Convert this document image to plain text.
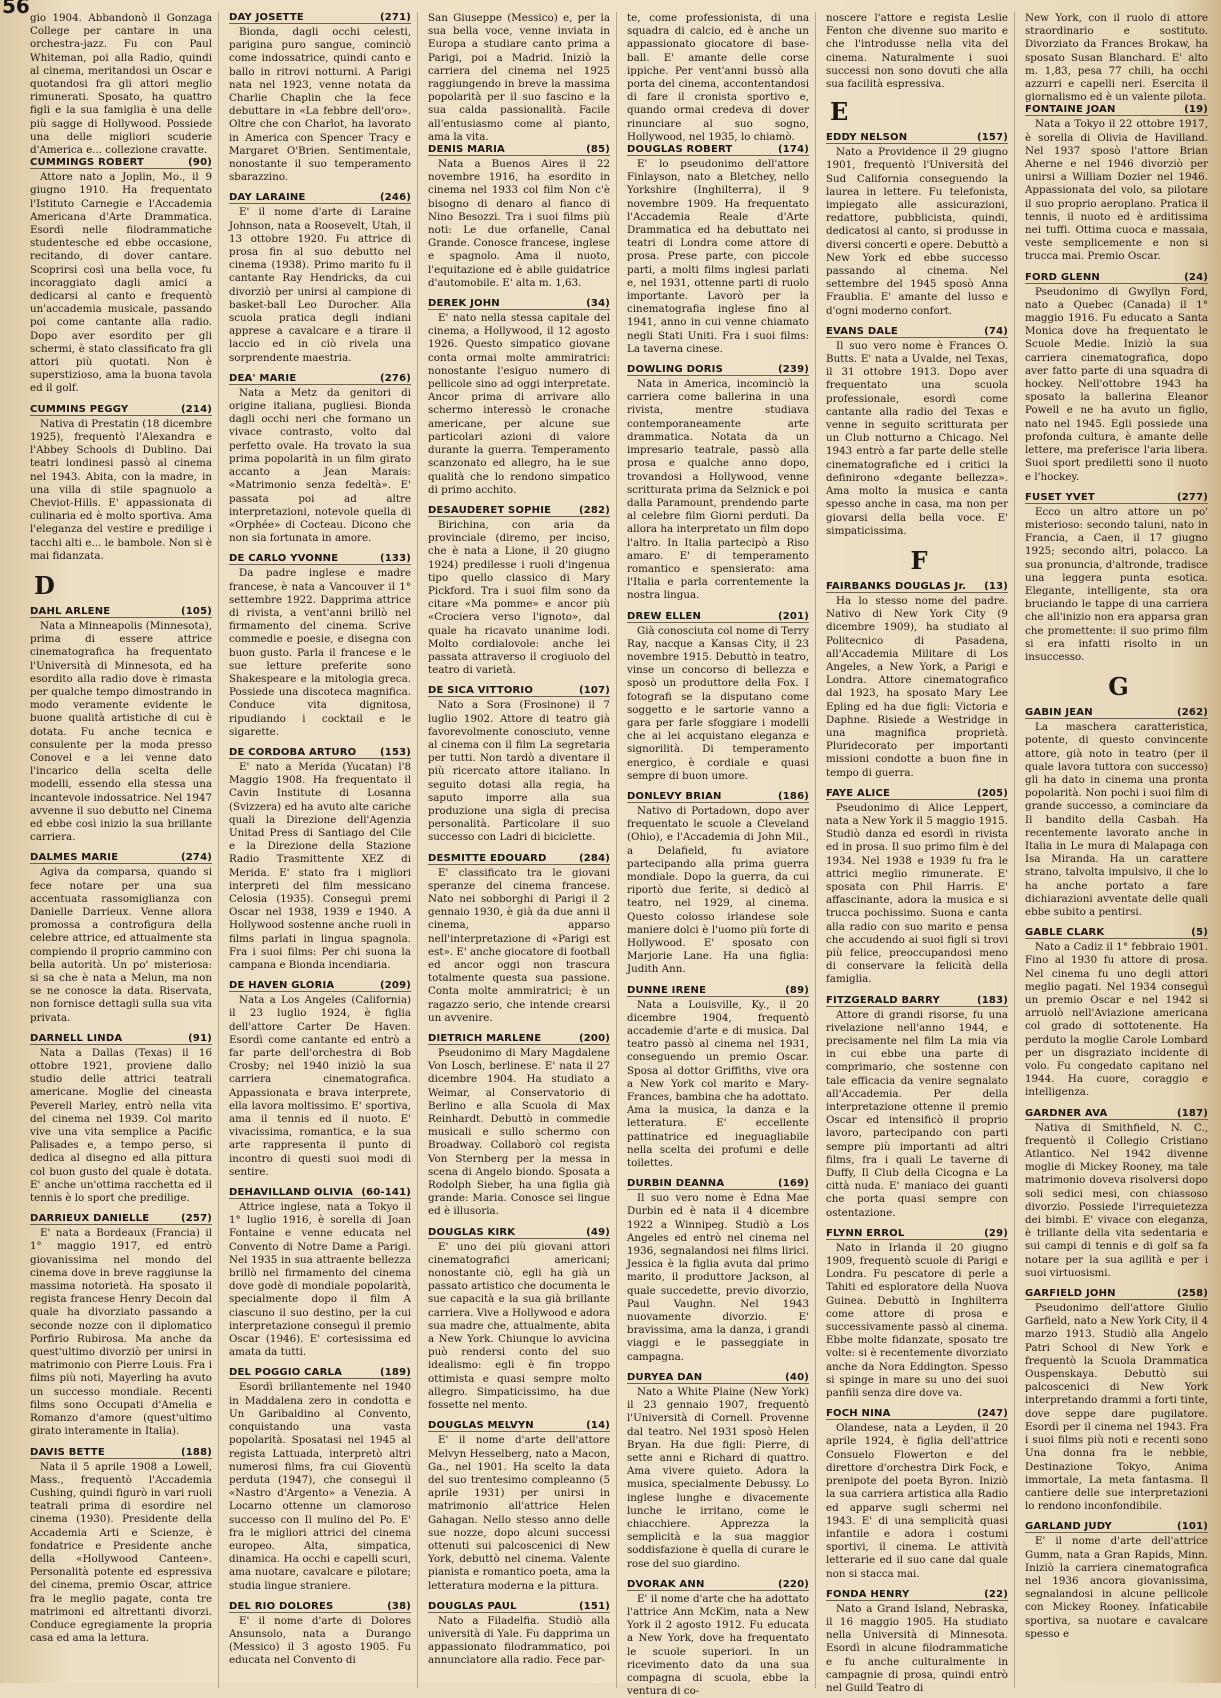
56 gio 1904. Abbandonò il Gonzaga College per cantare in una orchestra-jazz. Fu con Paul Whiteman, poi alla Radio, quindi al cinema, meritandosi un Oscar e quotandosi fra gli attori meglio rimunerati. Sposato, ha quattro figli e la sua famiglia è una delle più sagge di Hollywood. Possiede una delle migliori scuderie d'America e... collezione cravatte.

CUMMINGS ROBERT	(90)

Attore nato a Joplin, Mo., il 9 giugno 1910. Ha frequentato l'Istituto Carnegie e l'Accademia Americana d'Arte Drammatica. Esordì nelle filodrammatiche studentesche ed ebbe occasione, recitando, di dover cantare. Scoprirsi così una bella voce, fu incoraggiato dagli amici a dedicarsi al canto e frequentò un'accademia musicale, passando poi come cantante alla radio. Dopo aver esordito per gli schermi, è stato classificato fra gli attori più quotati. Non è superstizioso, ama la buona tavola ed il golf.

CUMMINS PEGGY	(214)

Nativa di Prestatin (18 dicembre 1925), frequentò l'Alexandra e l'Abbey Schools di Dublino. Dai teatri londinesi passò al cinema nel 1943. Abita, con la madre, in una villa di stile spagnuolo a Cheviot-Hills. E' appassionata di culinaria ed è molto sportiva. Ama l'eleganza del vestire e predilige i tacchi alti e... le bambole. Non si è mai fidanzata.

D
DAHL ARLENE	(105)

Nata a Minneapolis (Minnesota), prima di essere attrice cinematografica ha frequentato l'Università di Minnesota, ed ha esordito alla radio dove è rimasta per qualche tempo dimostrando in modo veramente evidente le buone qualità artistiche di cui è dotata. Fu anche tecnica e consulente per la moda presso Conovel e a lei venne dato l'incarico della scelta delle modelli, essendo ella stessa una incantevole indossatrice. Nel 1947 avvenne il suo debutto nel Cinema ed ebbe così inizio la sua brillante carriera.

DALMES MARIE	(274)

Agiva da comparsa, quando si fece notare per una sua accentuata rassomiglianza con Danielle Darrieux. Venne allora promossa a controfigura della celebre attrice, ed attualmente sta compiendo il proprio cammino con bella autorità. Un po' misteriosa: si sa che è nata a Melun, ma non se ne conosce la data. Riservata, non fornisce dettagli sulla sua vita privata.

DARNELL LINDA	(91)

Nata a Dallas (Texas) il 16 ottobre 1921, proviene dallo studio delle attrici teatrali americane. Moglie del cineasta Peverell Marley, entrò nella vita del cinema nel 1939. Col marito vive una vita semplice a Pacific Palisades e, a tempo perso, si dedica al disegno ed alla pittura col buon gusto del quale è dotata. E' anche un'ottima racchetta ed il tennis è lo sport che predilige.

DARRIEUX DANIELLE	(257)

E' nata a Bordeaux (Francia) il 1° maggio 1917, ed entrò giovanissima nel mondo del cinema dove in breve raggiunse la massima notorietà. Ha sposato il regista francese Henry Decoin dal quale ha divorziato passando a seconde nozze con il diplomatico Porfirio Rubirosa. Ma anche da quest'ultimo divorziò per unirsi in matrimonio con Pierre Louis. Fra i films più noti, Mayerling ha avuto un successo mondiale. Recenti films sono Occupati d'Amelia e Romanzo d'amore (quest'ultimo girato interamente in Italia).

DAVIS BETTE	(188)

Nata il 5 aprile 1908 a Lowell, Mass., frequentò l'Accademia Cushing, quindi figurò in vari ruoli teatrali prima di esordire nel cinema (1930). Presidente della Accademia Arti e Scienze, è fondatrice e Presidente anche della «Hollywood Canteen». Personalità potente ed espressiva del cinema, premio Oscar, attrice fra le meglio pagate, conta tre matrimoni ed altrettanti divorzi. Conduce egregiamente la propria casa ed ama la lettura.

DAY JOSETTE	(271)

Bionda, dagli occhi celesti, parigina puro sangue, cominciò come indossatrice, quindi canto e ballo in ritrovi notturni. A Parigi nata nel 1923, venne notata da Charlie Chaplin che la fece debuttare in «La febbre dell'oro». Oltre che con Charlot, ha lavorato in America con Spencer Tracy e Margaret O'Brien. Sentimentale, nonostante il suo temperamento sbarazzino.

DAY LARAINE	(246)

E' il nome d'arte di Laraine Johnson, nata a Roosevelt, Utah, il 13 ottobre 1920. Fu attrice di prosa fin al suo debutto nel cinema (1938). Primo marito fu il cantante Ray Hendricks, da cui divorziò per unirsi al campione di basket-ball Leo Durocher. Alla scuola pratica degli indiani apprese a cavalcare e a tirare il laccio ed in ciò rivela una sorprendente maestria.

DEA' MARIE	(276)

Nata a Metz da genitori di origine italiana, pugliesi. Bionda dagli occhi neri che formano un vivace contrasto, volto dal perfetto ovale. Ha trovato la sua prima popolarità in un film girato accanto a Jean Marais: «Matrimonio senza fedeltà». E' passata poi ad altre interpretazioni, notevole quella di «Orphée» di Cocteau. Dicono che non sia fortunata in amore.

DE CARLO YVONNE	(133)

Da padre inglese e madre francese, è nata a Vancouver il 1° settembre 1922. Dapprima attrice di rivista, a vent'anni brillò nel firmamento del cinema. Scrive commedie e poesie, e disegna con buon gusto. Parla il francese e le sue letture preferite sono Shakespeare e la mitologia greca. Possiede una discoteca magnifica. Conduce vita dignitosa, ripudiando i cocktail e le sigarette.

DE CORDOBA ARTURO (153)

E' nato a Merida (Yucatan) l'8 Maggio 1908. Ha frequentato il Cavin Institute di Losanna (Svizzera) ed ha avuto alte cariche quali la Direzione dell'Agenzia Unitad Press di Santiago del Cile e la Direzione della Stazione Radio Trasmittente XEZ di Merida. E' stato fra i migliori interpreti del film messicano Celosia (1935). Conseguì premi Oscar nel 1938, 1939 e 1940. A Hollywood sostenne anche ruoli in films parlati in lingua spagnola. Fra i suoi films: Per chi suona la campana e Bionda incendiaria.

DE HAVEN GLORIA	(209)

Nata a Los Angeles (California) il 23 luglio 1924, è figlia dell'attore Carter De Haven. Esordì come cantante ed entrò a far parte dell'orchestra di Bob Crosby; nel 1940 iniziò la sua carriera cinematografica. Appassionata e brava interprete, ella lavora moltissimo. E' sportiva, ama il tennis ed il nuoto. E' vivacissima, romantica, e la sua arte rappresenta il punto di incontro di questi suoi modi di sentire.

DEHAVILLAND OLIVIA (60-141)

Attrice inglese, nata a Tokyo il 1° luglio 1916, è sorella di Joan Fontaine e venne educata nel Convento di Notre Dame a Parigi. Nel 1935 in sua attraente bellezza brillò nel firmamento del cinema dove godè di mondiale popolarità, specialmente dopo il film A ciascuno il suo destino, per la cui interpretazione conseguì il premio Oscar (1946). E' cortesissima ed amata da tutti.

DEL POGGIO CARLA	(189)

Esordì brillantemente nel 1940 in Maddalena zero in condotta e Un Garibaldino al Convento, conquistando una vasta popolarità. Sposatasi nel 1945 al regista Lattuada, interpretò altri numerosi films, fra cui Gioventù perduta (1947), che conseguì il «Nastro d'Argento» a Venezia. A Locarno ottenne un clamoroso successo con Il mulino del Po. E' fra le migliori attrici del cinema europeo. Alta, simpatica, dinamica. Ha occhi e capelli scuri, ama nuotare, cavalcare e pilotare; studia lingue straniere.

DEL RIO DOLORES	(38)

E' il nome d'arte di Dolores Ansunsolo, nata a Durango (Messico) il 3 agosto 1905. Fu educata nel Convento di

San Giuseppe (Messico) e, per la sua bella voce, venne inviata in Europa a studiare canto prima a Parigi, poi a Madrid. Iniziò la carriera del cinema nel 1925 raggiungendo in breve la massima popolarità per il suo fascino e la sua calda passionalità. Facile all'entusiasmo come al pianto, ama la vita.

DENIS MARIA	(85)

Nata a Buenos Aires il 22 novembre 1916, ha esordito in cinema nel 1933 col film Non c'è bisogno di denaro al fianco di Nino Besozzi. Tra i suoi films più noti: Le due orfanelle, Canal Grande. Conosce francese, inglese e spagnolo. Ama il nuoto, l'equitazione ed è abile guidatrice d'automobile. E' alta m. 1,63.

DEREK JOHN	(34)

E' nato nella stessa capitale del cinema, a Hollywood, il 12 agosto 1926. Questo simpatico giovane conta ormai molte ammiratrici: nonostante l'esiguo numero di pellicole sino ad oggi interpretate. Ancor prima di arrivare allo schermo interessò le cronache americane, per alcune sue particolari azioni di valore durante la guerra. Temperamento scanzonato ed allegro, ha le sue qualità che lo rendono simpatico di primo acchito.

DESAUDERET SOPHIE	(282)

Birichina, con aria da provinciale (diremo, per inciso, che è nata a Lione, il 20 giugno 1924) predilesse i ruoli d'ingenua tipo quello classico di Mary Pickford. Tra i suoi film sono da citare «Ma pomme» e ancor più «Crociera verso l'ignoto», dal quale ha ricavato unanime lodi. Molto cordialovole: anche lei passata attraverso il crogiuolo del teatro di varietà.

DE SICA VITTORIO	(107)

Nato a Sora (Frosinone) il 7 luglio 1902. Attore di teatro già favorevolmente conosciuto, venne al cinema con il film La segretaria per tutti. Non tardò a diventare il più ricercato attore italiano. In seguito dotasi alla regia, ha saputo imporre alla sua produzione una sigla di precisa personalità. Particolare il suo successo con Ladri di biciclette.

DESMITTE EDOUARD	(284)

E' classificato tra le giovani speranze del cinema francese. Nato nei sobborghi di Parigi il 2 gennaio 1930, è già da due anni il cinema, apparso nell'interpretazione di «Parigi est est». E' anche giocatore di football ed ancor oggi non trascura totalmente questa sua passione. Conta molte ammiratrici; è un ragazzo serio, che intende crearsi un avvenire.

DIETRICH MARLENE	(200)

Pseudonimo di Mary Magdalene Von Losch, berlinese. E' nata il 27 dicembre 1904. Ha studiato a Weimar, al Conservatorio di Berlino e alla Scuola di Max Reinhardt. Debuttò in commedie musicali e sullo schermo con Broadway. Collaborò col regista Von Sternberg per la messa in scena di Angelo biondo. Sposata a Rodolph Sieber, ha una figlia già grande: Maria. Conosce sei lingue ed è illusoria.

DOUGLAS KIRK	(49)

E' uno dei più giovani attori cinematografici americani; nonostante ciò, egli ha già un passato artistico che documenta le sue capacità e la sua già brillante carriera. Vive a Hollywood e adora sua madre che, attualmente, abita a New York. Chiunque lo avvicina può rendersi conto del suo idealismo: egli è fin troppo ottimista e quasi sempre molto allegro. Simpaticissimo, ha due fossette nel mento.

DOUGLAS MELVYN	(14)

E' il nome d'arte dell'attore Melvyn Hesselberg, nato a Macon, Ga., nel 1901. Ha scelto la data del suo trentesimo compleanno (5 aprile 1931) per unirsi in matrimonio all'attrice Helen Gahagan. Nello stesso anno delle sue nozze, dopo alcuni successi ottenuti sui palcoscenici di New York, debuttò nel cinema. Valente pianista e romantico poeta, ama la letteratura moderna e la pittura.

DOUGLAS PAUL	(151)

Nato a Filadelfia. Studiò alla università di Yale. Fu dapprima un appassionato filodrammatico, poi annunciatore alla radio. Fece par-

te, come professionista, di una squadra di calcio, ed è anche un appassionato giocatore di base-ball. E' amante delle corse ippiche. Per vent'anni bussò alla porta del cinema, accontentandosi di fare il cronista sportivo e, quando ormai credeva di dover rinunciare al suo sogno, Hollywood, nel 1935, lo chiamò.

DOUGLAS ROBERT	(174)

E' lo pseudonimo dell'attore Finlayson, nato a Bletchey, nello Yorkshire (Inghilterra), il 9 novembre 1909. Ha frequentato l'Accademia Reale d'Arte Drammatica ed ha debuttato nei teatri di Londra come attore di prosa. Prese parte, con piccole parti, a molti films inglesi parlati e, nel 1931, ottenne parti di ruolo importante. Lavorò per la cinematografia inglese fino al 1941, anno in cui venne chiamato negli Stati Uniti. Fra i suoi films: La taverna cinese.

DOWLING DORIS	(239)

Nata in America, incominciò la carriera come ballerina in una rivista, mentre studiava contemporaneamente arte drammatica. Notata da un impresario teatrale, passò alla prosa e qualche anno dopo, trovandosi a Hollywood, venne scritturata prima da Selznick e poi dalla Paramount, prendendo parte al celebre film Giorni perduti. Da allora ha interpretato un film dopo l'altro. In Italia partecipò a Riso amaro. E' di temperamento romantico e spensierato: ama l'Italia e parla correntemente la nostra lingua.

DREW ELLEN	(201)

Già conosciuta col nome di Terry Ray, nacque a Kansas City, il 23 novembre 1915. Debuttò in teatro, vinse un concorso di bellezza e sposò un produttore della Fox. I fotografi se la disputano come soggetto e le sartorie vanno a gara per farle sfoggiare i modelli che ai lei acquistano eleganza e signorilità. Di temperamento energico, è cordiale e quasi sempre di buon umore.

DONLEVY BRIAN	(186)

Nativo di Portadown, dopo aver frequentato le scuole a Cleveland (Ohio), e l'Accademia di John Mil., a Delafield, fu aviatore partecipando alla prima guerra mondiale. Dopo la guerra, da cui riportò due ferite, si dedicò al teatro, nel 1929, al cinema. Questo colosso irlandese sole maniere dolci è l'uomo più forte di Hollywood. E' sposato con Marjorie Lane. Ha una figlia: Judith Ann.

DUNNE IRENE	(89)

Nata a Louisville, Ky., il 20 dicembre 1904, frequentò accademie d'arte e di musica. Dal teatro passò al cinema nel 1931, conseguendo un premio Oscar. Sposa al dottor Griffiths, vive ora a New York col marito e Mary-Frances, bambina che ha adottato. Ama la musica, la danza e la letteratura. E' eccellente pattinatrice ed ineguagliabile nella scelta dei profumi e delle toilettes.

DURBIN DEANNA	(169)

Il suo vero nome è Edna Mae Durbin ed è nata il 4 dicembre 1922 a Winnipeg. Studiò a Los Angeles ed entrò nel cinema nel 1936, segnalandosi nei films lirici. Jessica è la figlia avuta dal primo marito, il produttore Jackson, al quale succedette, previo divorzio, Paul Vaughn. Nel 1943 nuovamente divorzio. E' bravissima, ama la danza, i grandi viaggi e le passeggiate in campagna.

DURYEA DAN	(40)

Nato a White Plaine (New York) il 23 gennaio 1907, frequentò l'Università di Cornell. Provenne dal teatro. Nel 1931 sposò Helen Bryan. Ha due figli: Pierre, di sette anni e Richard di quattro. Ama vivere quieto. Adora la musica, specialmente Debussy. Lo inglese lunghe e divacemente lunche le irritano, come le chiacchiere. Apprezza la semplicità e la sua maggior soddisfazione è quella di curare le rose del suo giardino.

DVORAK ANN	(220)

E' il nome d'arte che ha adottato l'attrice Ann McKim, nata a New York il 2 agosto 1912. Fu educata a New York, dove ha frequentato le scuole superiori. In un ricevimento dato da una sua compagna di scuola, ebbe la ventura di co-

noscere l'attore e regista Leslie Fenton che divenne suo marito e che l'introdusse nella vita del cinema. Naturalmente i suoi successi non sono dovuti che alla sua facilità espressiva.

E
EDDY NELSON	(157)

Nato a Providence il 29 giugno 1901, frequentò l'Università del Sud California conseguendo la laurea in lettere. Fu telefonista, impiegato alle assicurazioni, redattore, pubblicista, quindi, dedicatosi al canto, si produsse in diversi concerti e opere. Debuttò a New York ed ebbe successo passando al cinema. Nel settembre del 1945 sposò Anna Fraublia. E' amante del lusso e d'ogni moderno confort.

EVANS DALE	(74)

Il suo vero nome è Frances O. Butts. E' nata a Uvalde, nel Texas, il 31 ottobre 1913. Dopo aver frequentato una scuola professionale, esordì come cantante alla radio del Texas e venne in seguito scritturata per un Club notturno a Chicago. Nel 1943 entrò a far parte delle stelle cinematografiche ed i critici la definirono «degante bellezza». Ama molto la musica e canta spesso anche in casa, ma non per giovarsi della bella voce. E' simpaticissima.

F
FAIRBANKS DOUGLAS Jr. (13)

Ha lo stesso nome del padre. Nativo di New York City (9 dicembre 1909), ha studiato al Politecnico di Pasadena, all'Accademia Militare di Los Angeles, a New York, a Parigi e Londra. Attore cinematografico dal 1923, ha sposato Mary Lee Epling ed ha due figli: Victoria e Daphne. Risiede a Westridge in una magnifica proprietà. Pluridecorato per importanti missioni condotte a buon fine in tempo di guerra.

FAYE ALICE	(205)

Pseudonimo di Alice Leppert, nata a New York il 5 maggio 1915. Studiò danza ed esordì in rivista ed in prosa. Il suo primo film è del 1934. Nel 1938 e 1939 fu fra le attrici meglio rimunerate. E' sposata con Phil Harris. E' affascinante, adora la musica e si trucca pochissimo. Suona e canta alla radio con suo marito e pensa che accudendo ai suoi figli si trovi più felice, preoccupandosi meno di conservare la felicità della famiglia.

FITZGERALD BARRY	(183)

Attore di grandi risorse, fu una rivelazione nell'anno 1944, e precisamente nel film La mia via in cui ebbe una parte di comprimario, che sostenne con tale efficacia da venire segnalato all'Accademia. Per della interpretazione ottenne il premio Oscar ed intensificò il proprio lavoro, partecipando con parti sempre più importanti ad altri films, fra i quali Le taverne di Duffy, Il Club della Cicogna e La città nuda. E' maniaco dei guanti che porta quasi sempre con ostentazione.

FLYNN ERROL	(29)

Nato in Irlanda il 20 giugno 1909, frequentò scuole di Parigi e Londra. Fu pescatore di perle a Tahiti ed esploratore della Nuova Guinea. Debuttò in Inghilterra come attore di prosa e successivamente passò al cinema. Ebbe molte fidanzate, sposato tre volte: si è recentemente divorziato anche da Nora Eddington. Spesso si spinge in mare su uno dei suoi panfili senza dire dove va.

FOCH NINA	(247)

Olandese, nata a Leyden, il 20 aprile 1924, è figlia dell'attrice Consuelo Flowerton e del direttore d'orchestra Dirk Fock, e prenipote del poeta Byron. Iniziò la sua carriera artistica alla Radio ed apparve sugli schermi nel 1943. E' di una semplicità quasi infantile e adora i costumi sportivi, il cinema. Le attività letterarie ed il suo cane dal quale non si stacca mai.

FONDA HENRY	(22)

Nato a Grand Island, Nebraska, il 16 maggio 1905. Ha studiato nella Università di Minnesota. Esordì in alcune filodrammatiche e fu anche culturalmente in campagnie di prosa, quindi entrò nel Guild Teatro di

New York, con il ruolo di attore straordinario e sostituto. Divorziato da Frances Brokaw, ha sposato Susan Blanchard. E' alto m. 1,83, pesa 77 chili, ha occhi azzurri e capelli neri. Esercita il giornalismo ed è un valente pilota.

FONTAINE JOAN	(19)

Nata a Tokyo il 22 ottobre 1917, è sorella di Olivia de Havilland. Nel 1937 sposò l'attore Brian Aherne e nel 1946 divorziò per unirsi a William Dozier nel 1946. Appassionata del volo, sa pilotare il suo proprio aeroplano. Pratica il tennis, il nuoto ed è arditissima nei tuffi. Ottima cuoca e massaia, veste semplicemente e non si trucca mai. Premio Oscar.

FORD GLENN	(24)

Pseudonimo di Gwyllyn Ford, nato a Quebec (Canada) il 1° maggio 1916. Fu educato a Santa Monica dove ha frequentato le Scuole Medie. Iniziò la sua carriera cinematografica, dopo aver fatto parte di una squadra di hockey. Nell'ottobre 1943 ha sposato la ballerina Eleanor Powell e ne ha avuto un figlio, nato nel 1945. Egli possiede una profonda cultura, è amante delle lettere, ma preferisce l'aria libera. Suoi sport prediletti sono il nuoto e l'hockey.

FUSET YVET	(277)

Ecco un altro attore un po' misterioso: secondo taluni, nato in Francia, a Caen, il 17 giugno 1925; secondo altri, polacco. La sua pronuncia, d'altronde, tradisce una leggera punta esotica. Elegante, intelligente, sta ora bruciando le tappe di una carriera che all'inizio non era apparsa gran che promettente: il suo primo film si era infatti risolto in un insuccesso.

G
GABIN JEAN	(262)

La maschera caratteristica, potente, di questo convincente attore, già noto in teatro (per il quale lavora tuttora con successo) gli ha dato in cinema una pronta popolarità. Non pochi i suoi film di grande successo, a cominciare da Il bandito della Casbah. Ha recentemente lavorato anche in Italia in Le mura di Malapaga con Isa Miranda. Ha un carattere strano, talvolta impulsivo, il che lo ha anche portato a fare dichiarazioni avventate delle quali ebbe subito a pentirsi.

GABLE CLARK	(5)

Nato a Cadiz il 1° febbraio 1901. Fino al 1930 fu attore di prosa. Nel cinema fu uno degli attori meglio pagati. Nel 1934 conseguì un premio Oscar e nel 1942 si arruolò nell'Aviazione americana col grado di sottotenente. Ha perduto la moglie Carole Lombard per un disgraziato incidente di volo. Fu congedato capitano nel 1944. Ha cuore, coraggio e intelligenza.

GARDNER AVA	(187)

Nativa di Smithfield, N. C., frequentò il Collegio Cristiano Atlantico. Nel 1942 divenne moglie di Mickey Rooney, ma tale matrimonio doveva risolversi dopo soli sedici mesi, con chiassoso divorzio. Possiede l'irrequietezza dei bimbi. E' vivace con eleganza, è trillante della vita sedentaria e sui campi di tennis e di golf sa fa notare per la sua agilità e per i suoi virtuosismi.

GARFIELD JOHN	(258)

Pseudonimo dell'attore Giulio Garfield, nato a New York City, il 4 marzo 1913. Studiò alla Angelo Patri School di New York e frequentò la Scuola Drammatica Ouspenskaya. Debuttò sui palcoscenici di New York interpretando drammi a forti tinte, dove seppe dare pugilatore. Esordì per il cinema nel 1943. Fra i suoi films più noti e recenti sono Una donna fra le nebbie, Destinazione Tokyo, Anima immortale, La meta fantasma. Il cantiere delle sue interpretazioni lo rendono inconfondibile.

GARLAND JUDY	(101)

E' il nome d'arte dell'attrice Gumm, nata a Gran Rapids, Minn. Iniziò la carriera cinematografica nel 1936 ancora giovanissima, segnalandosi in alcune pellicole con Mickey Rooney. Infaticabile sportiva, sa nuotare e cavalcare spesso e
